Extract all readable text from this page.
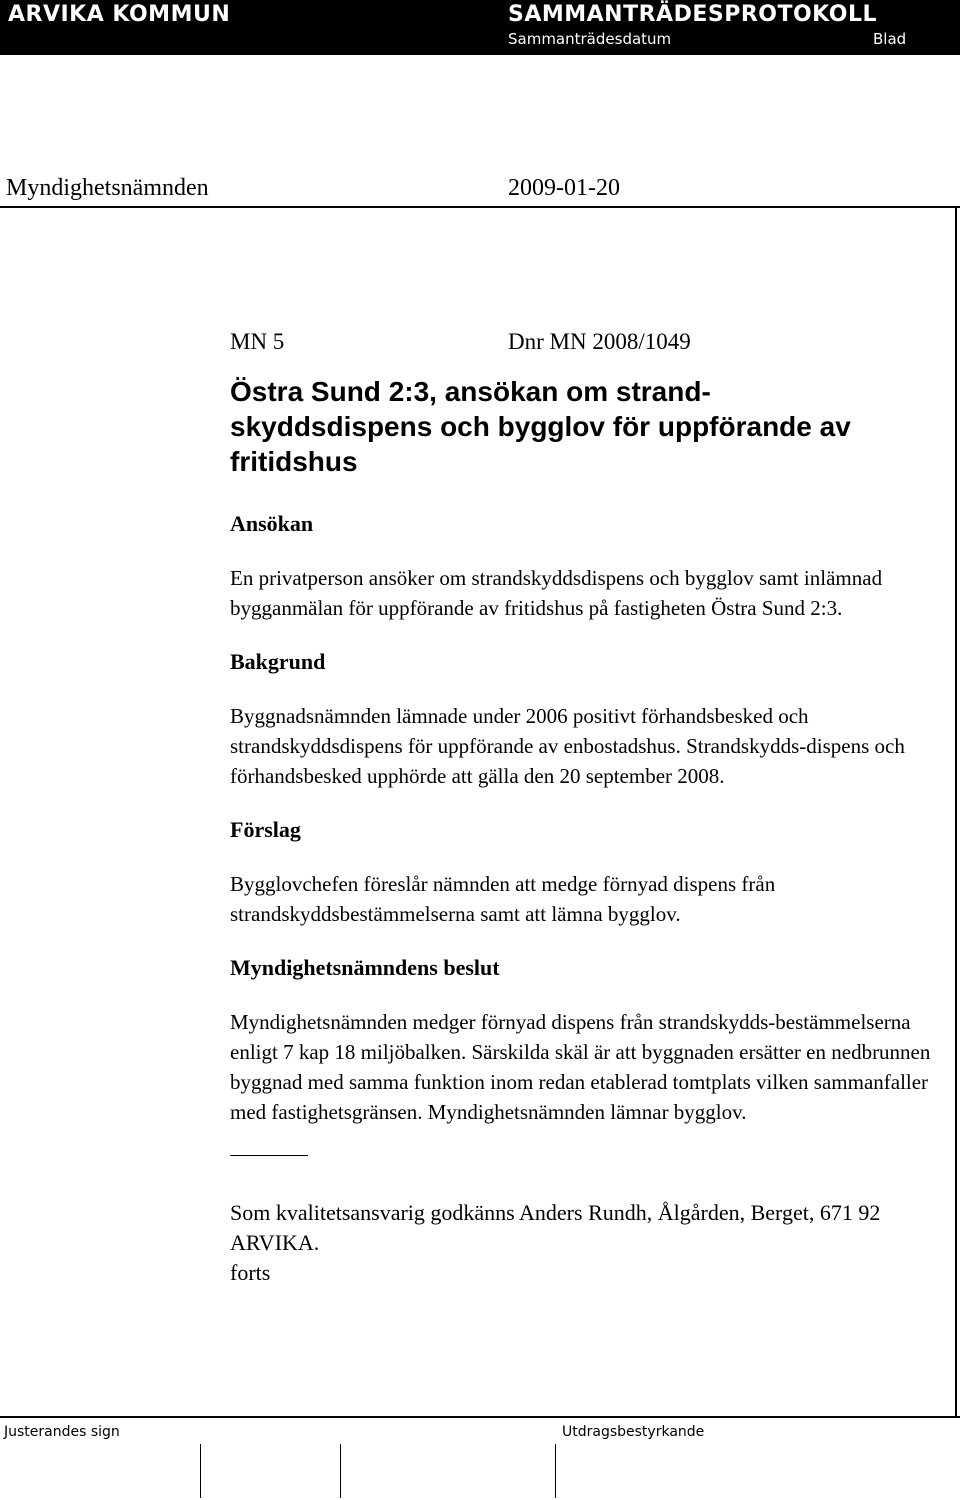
ARVIKA KOMMUN	SAMMANTRÄDESPROTOKOLL
Sammanträdesdatum	Blad
Myndighetsnämnden	2009-01-20
MN 5	Dnr MN 2008/1049
Östra Sund 2:3, ansökan om strand-
skyddsdispens och bygglov för uppförande av
fritidshus
Ansökan

En privatperson ansöker om strandskyddsdispens och bygglov samt inlämnad bygganmälan för uppförande av fritidshus på fastigheten Östra Sund 2:3.

Bakgrund

Byggnadsnämnden lämnade under 2006 positivt förhandsbesked och strandskyddsdispens för uppförande av enbostadshus. Strandskydds-dispens och förhandsbesked upphörde att gälla den 20 september 2008.

Förslag

Bygglovchefen föreslår nämnden att medge förnyad dispens från strandskyddsbestämmelserna samt att lämna bygglov.

Myndighetsnämndens beslut

Myndighetsnämnden medger förnyad dispens från strandskydds-bestämmelserna enligt 7 kap 18 miljöbalken. Särskilda skäl är att byggnaden ersätter en nedbrunnen byggnad med samma funktion inom redan etablerad tomtplats vilken sammanfaller med fastighetsgränsen. Myndighetsnämnden lämnar bygglov.

Som kvalitetsansvarig godkänns Anders Rundh, Ålgården, Berget, 671 92 ARVIKA.

forts
Justerandes sign	Utdragsbestyrkande
